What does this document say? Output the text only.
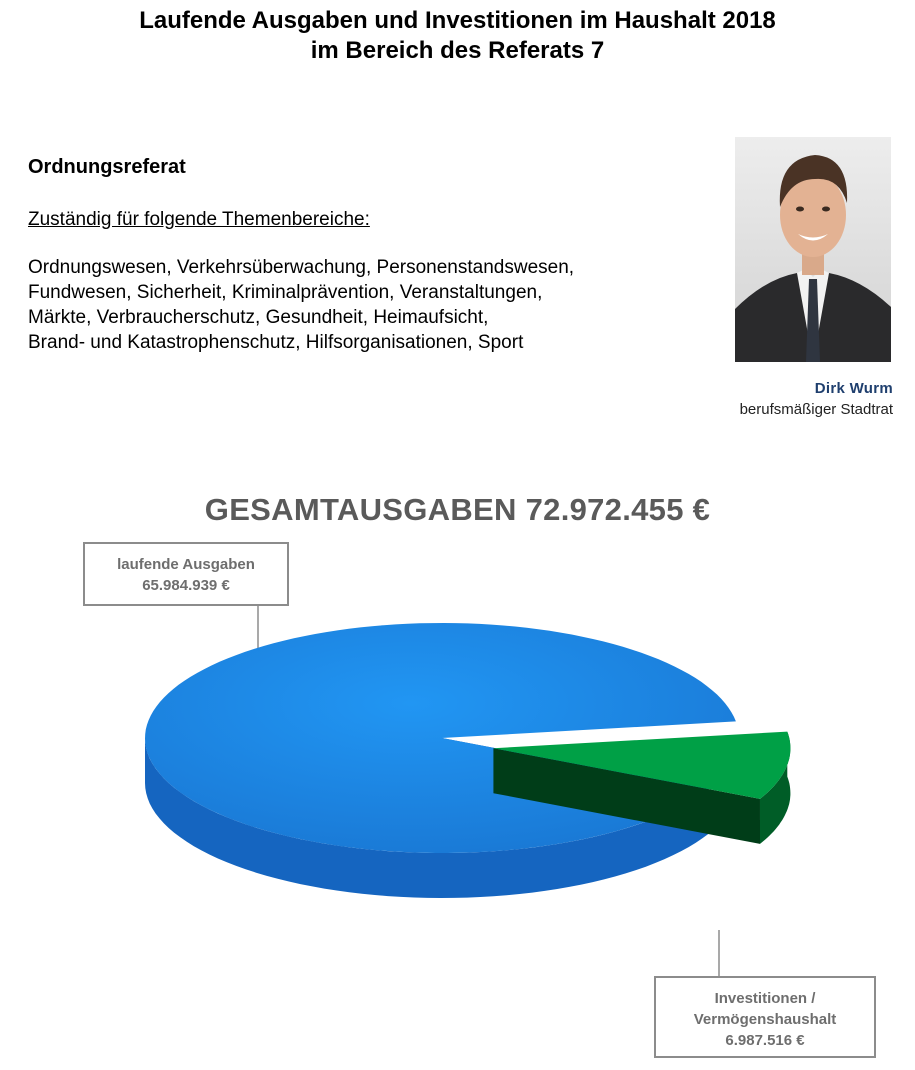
Laufende Ausgaben und Investitionen im Haushalt 2018
im Bereich des Referats 7
Ordnungsreferat
Zuständig für folgende Themenbereiche:
Ordnungswesen, Verkehrsüberwachung, Personenstandswesen,
Fundwesen, Sicherheit, Kriminalprävention, Veranstaltungen,
Märkte, Verbraucherschutz, Gesundheit, Heimaufsicht,
Brand- und Katastrophenschutz, Hilfsorganisationen, Sport
Dirk Wurm
berufsmäßiger Stadtrat
GESAMTAUSGABEN 72.972.455 €
laufende Ausgaben
65.984.939 €
Investitionen /
Vermögenshaushalt
6.987.516 €
